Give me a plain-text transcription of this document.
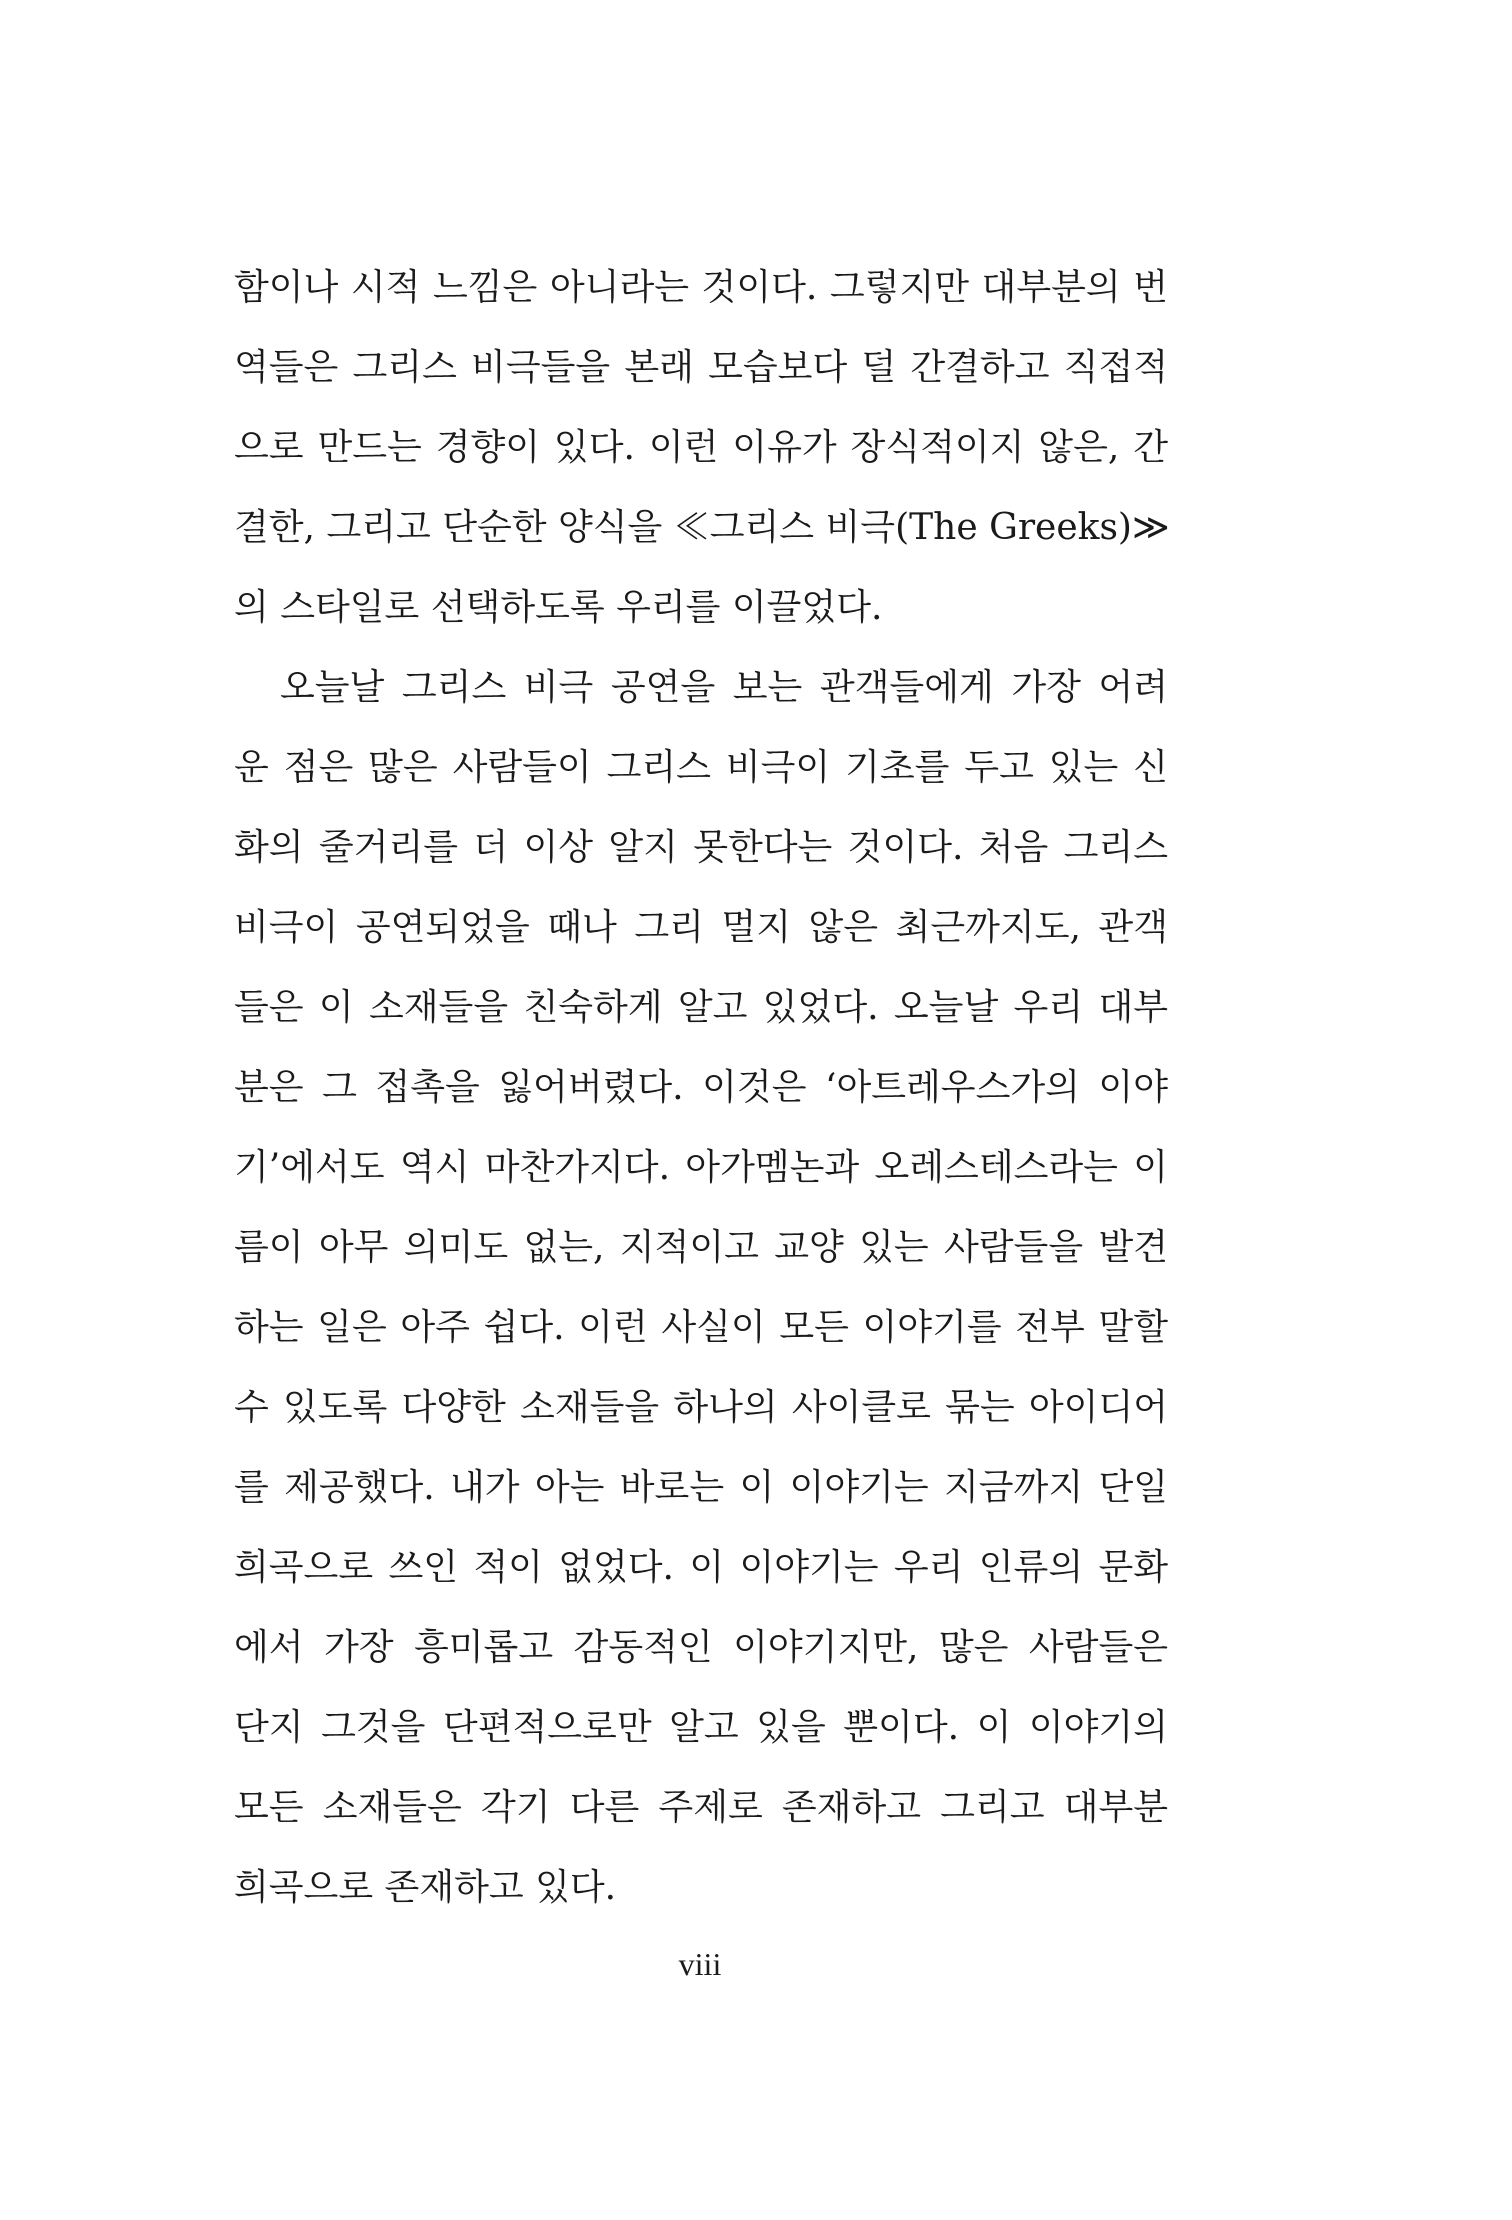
함이나 시적 느낌은 아니라는 것이다. 그렇지만 대부분의 번
역들은 그리스 비극들을 본래 모습보다 덜 간결하고 직접적
으로 만드는 경향이 있다. 이런 이유가 장식적이지 않은, 간
결한, 그리고 단순한 양식을 ≪그리스 비극(The Greeks)≫
의 스타일로 선택하도록 우리를 이끌었다.
오늘날 그리스 비극 공연을 보는 관객들에게 가장 어려
운 점은 많은 사람들이 그리스 비극이 기초를 두고 있는 신
화의 줄거리를 더 이상 알지 못한다는 것이다. 처음 그리스
비극이 공연되었을 때나 그리 멀지 않은 최근까지도, 관객
들은 이 소재들을 친숙하게 알고 있었다. 오늘날 우리 대부
분은 그 접촉을 잃어버렸다. 이것은 ‘아트레우스가의 이야
기’에서도 역시 마찬가지다. 아가멤논과 오레스테스라는 이
름이 아무 의미도 없는, 지적이고 교양 있는 사람들을 발견
하는 일은 아주 쉽다. 이런 사실이 모든 이야기를 전부 말할
수 있도록 다양한 소재들을 하나의 사이클로 묶는 아이디어
를 제공했다. 내가 아는 바로는 이 이야기는 지금까지 단일
희곡으로 쓰인 적이 없었다. 이 이야기는 우리 인류의 문화
에서 가장 흥미롭고 감동적인 이야기지만, 많은 사람들은
단지 그것을 단편적으로만 알고 있을 뿐이다. 이 이야기의
모든 소재들은 각기 다른 주제로 존재하고 그리고 대부분
희곡으로 존재하고 있다.
viii
